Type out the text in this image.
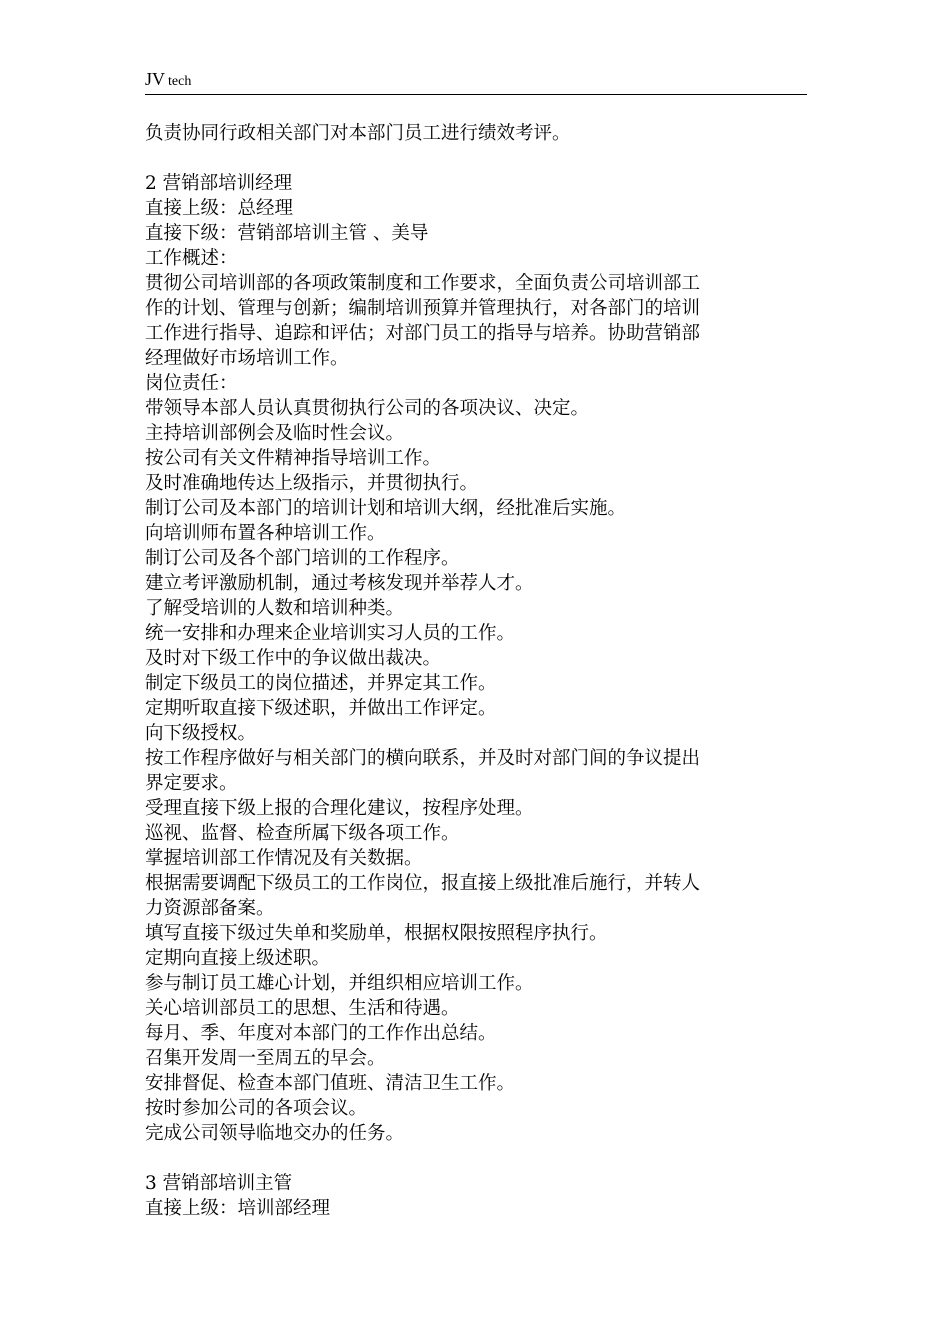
JV tech
负责协同行政相关部门对本部门员工进行绩效考评。
2 营销部培训经理
直接上级：总经理
直接下级：营销部培训主管 、美导
工作概述：
贯彻公司培训部的各项政策制度和工作要求，全面负责公司培训部工
作的计划、管理与创新；编制培训预算并管理执行，对各部门的培训
工作进行指导、追踪和评估；对部门员工的指导与培养。协助营销部
经理做好市场培训工作。
岗位责任：
带领导本部人员认真贯彻执行公司的各项决议、决定。
主持培训部例会及临时性会议。
按公司有关文件精神指导培训工作。
及时准确地传达上级指示，并贯彻执行。
制订公司及本部门的培训计划和培训大纲，经批准后实施。
向培训师布置各种培训工作。
制订公司及各个部门培训的工作程序。
建立考评激励机制，通过考核发现并举荐人才。
了解受培训的人数和培训种类。
统一安排和办理来企业培训实习人员的工作。
及时对下级工作中的争议做出裁决。
制定下级员工的岗位描述，并界定其工作。
定期听取直接下级述职，并做出工作评定。
向下级授权。
按工作程序做好与相关部门的横向联系，并及时对部门间的争议提出
界定要求。
受理直接下级上报的合理化建议，按程序处理。
巡视、监督、检查所属下级各项工作。
掌握培训部工作情况及有关数据。
根据需要调配下级员工的工作岗位，报直接上级批准后施行，并转人
力资源部备案。
填写直接下级过失单和奖励单，根据权限按照程序执行。
定期向直接上级述职。
参与制订员工雄心计划，并组织相应培训工作。
关心培训部员工的思想、生活和待遇。
每月、季、年度对本部门的工作作出总结。
召集开发周一至周五的早会。
安排督促、检查本部门值班、清洁卫生工作。
按时参加公司的各项会议。
完成公司领导临地交办的任务。
3 营销部培训主管
直接上级：培训部经理
